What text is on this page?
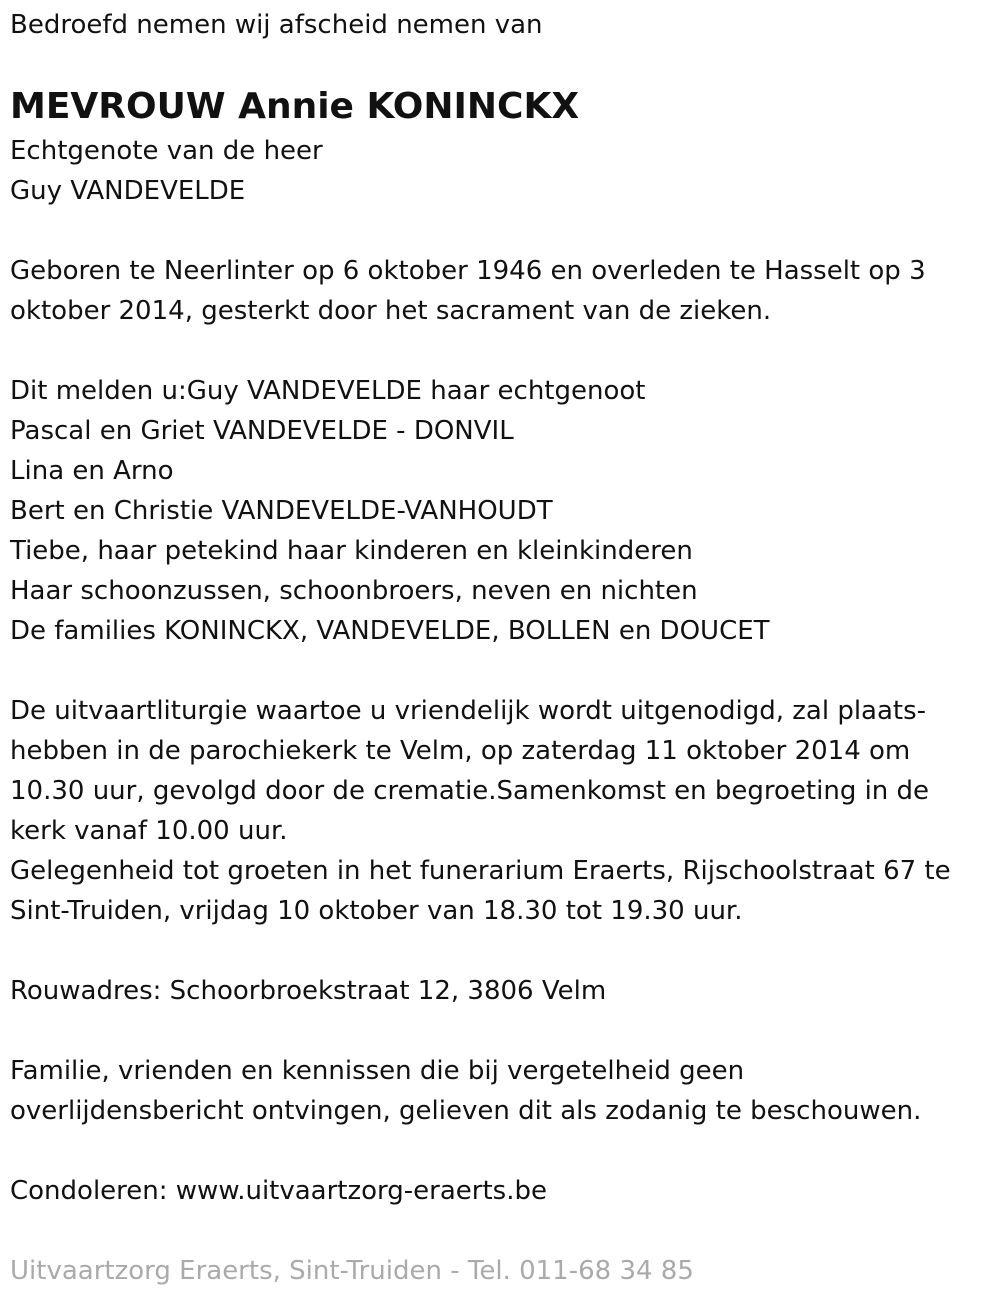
Bedroefd nemen wij afscheid nemen van
MEVROUW Annie KONINCKX
Echtgenote van de heer
Guy VANDEVELDE
Geboren te Neerlinter op 6 oktober 1946 en overleden te Hasselt op 3
oktober 2014, gesterkt door het sacrament van de zieken.
Dit melden u:Guy VANDEVELDE haar echtgenoot
Pascal en Griet VANDEVELDE - DONVIL
Lina en Arno
Bert en Christie VANDEVELDE-VANHOUDT
Tiebe, haar petekind haar kinderen en kleinkinderen
Haar schoonzussen, schoonbroers, neven en nichten
De families KONINCKX, VANDEVELDE, BOLLEN en DOUCET
De uitvaartliturgie waartoe u vriendelijk wordt uitgenodigd, zal plaats-
hebben in de parochiekerk te Velm, op zaterdag 11 oktober 2014 om
10.30 uur, gevolgd door de crematie.Samenkomst en begroeting in de
kerk vanaf 10.00 uur.
Gelegenheid tot groeten in het funerarium Eraerts, Rijschoolstraat 67 te
Sint-Truiden, vrijdag 10 oktober van 18.30 tot 19.30 uur.
Rouwadres: Schoorbroekstraat 12, 3806 Velm
Familie, vrienden en kennissen die bij vergetelheid geen
overlijdensbericht ontvingen, gelieven dit als zodanig te beschouwen.
Condoleren: www.uitvaartzorg-eraerts.be
Uitvaartzorg Eraerts, Sint-Truiden - Tel. 011-68 34 85
